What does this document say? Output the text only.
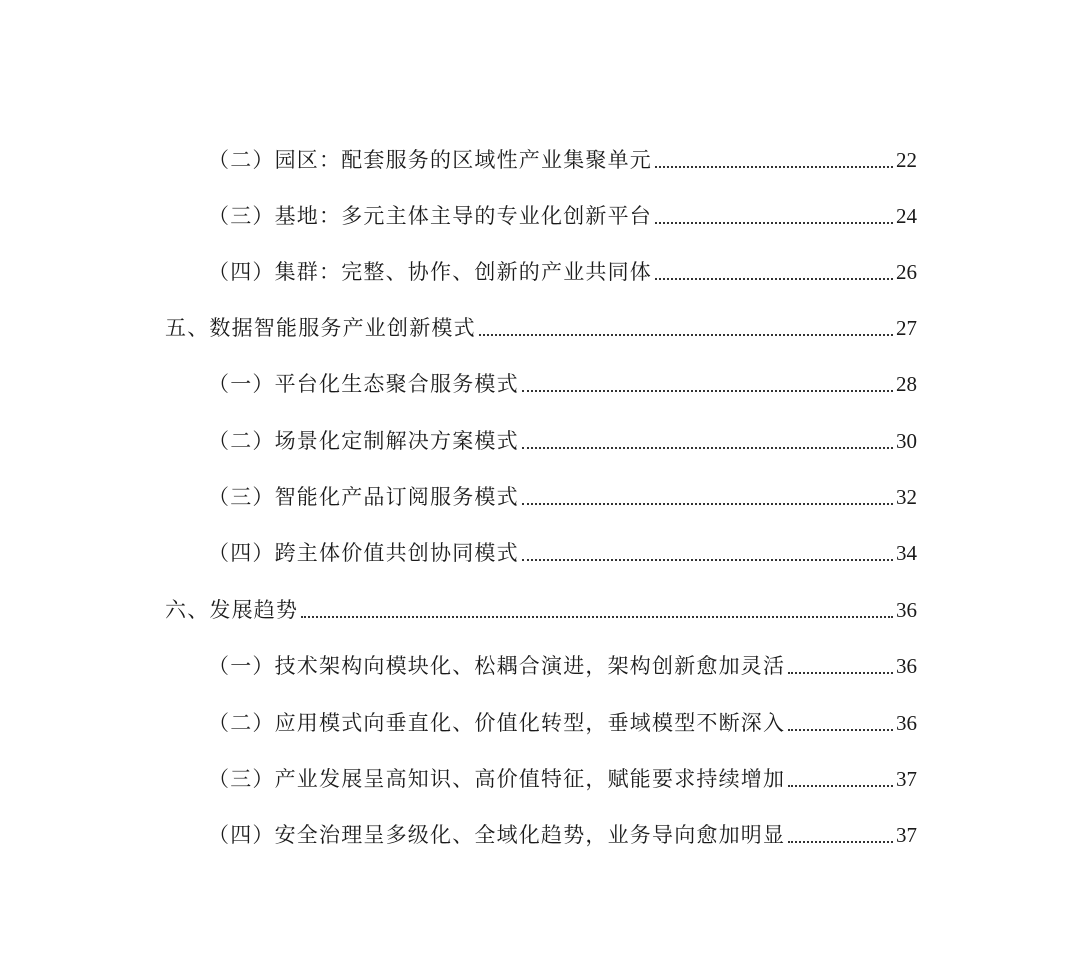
（二）园区：配套服务的区域性产业集聚单元	22
（三）基地：多元主体主导的专业化创新平台	24
（四）集群：完整、协作、创新的产业共同体	26
五、数据智能服务产业创新模式	27
（一）平台化生态聚合服务模式	28
（二）场景化定制解决方案模式	30
（三）智能化产品订阅服务模式	32
（四）跨主体价值共创协同模式	34
六、发展趋势	36
（一）技术架构向模块化、松耦合演进，架构创新愈加灵活	36
（二）应用模式向垂直化、价值化转型，垂域模型不断深入	36
（三）产业发展呈高知识、高价值特征，赋能要求持续增加	37
（四）安全治理呈多级化、全域化趋势，业务导向愈加明显	37
